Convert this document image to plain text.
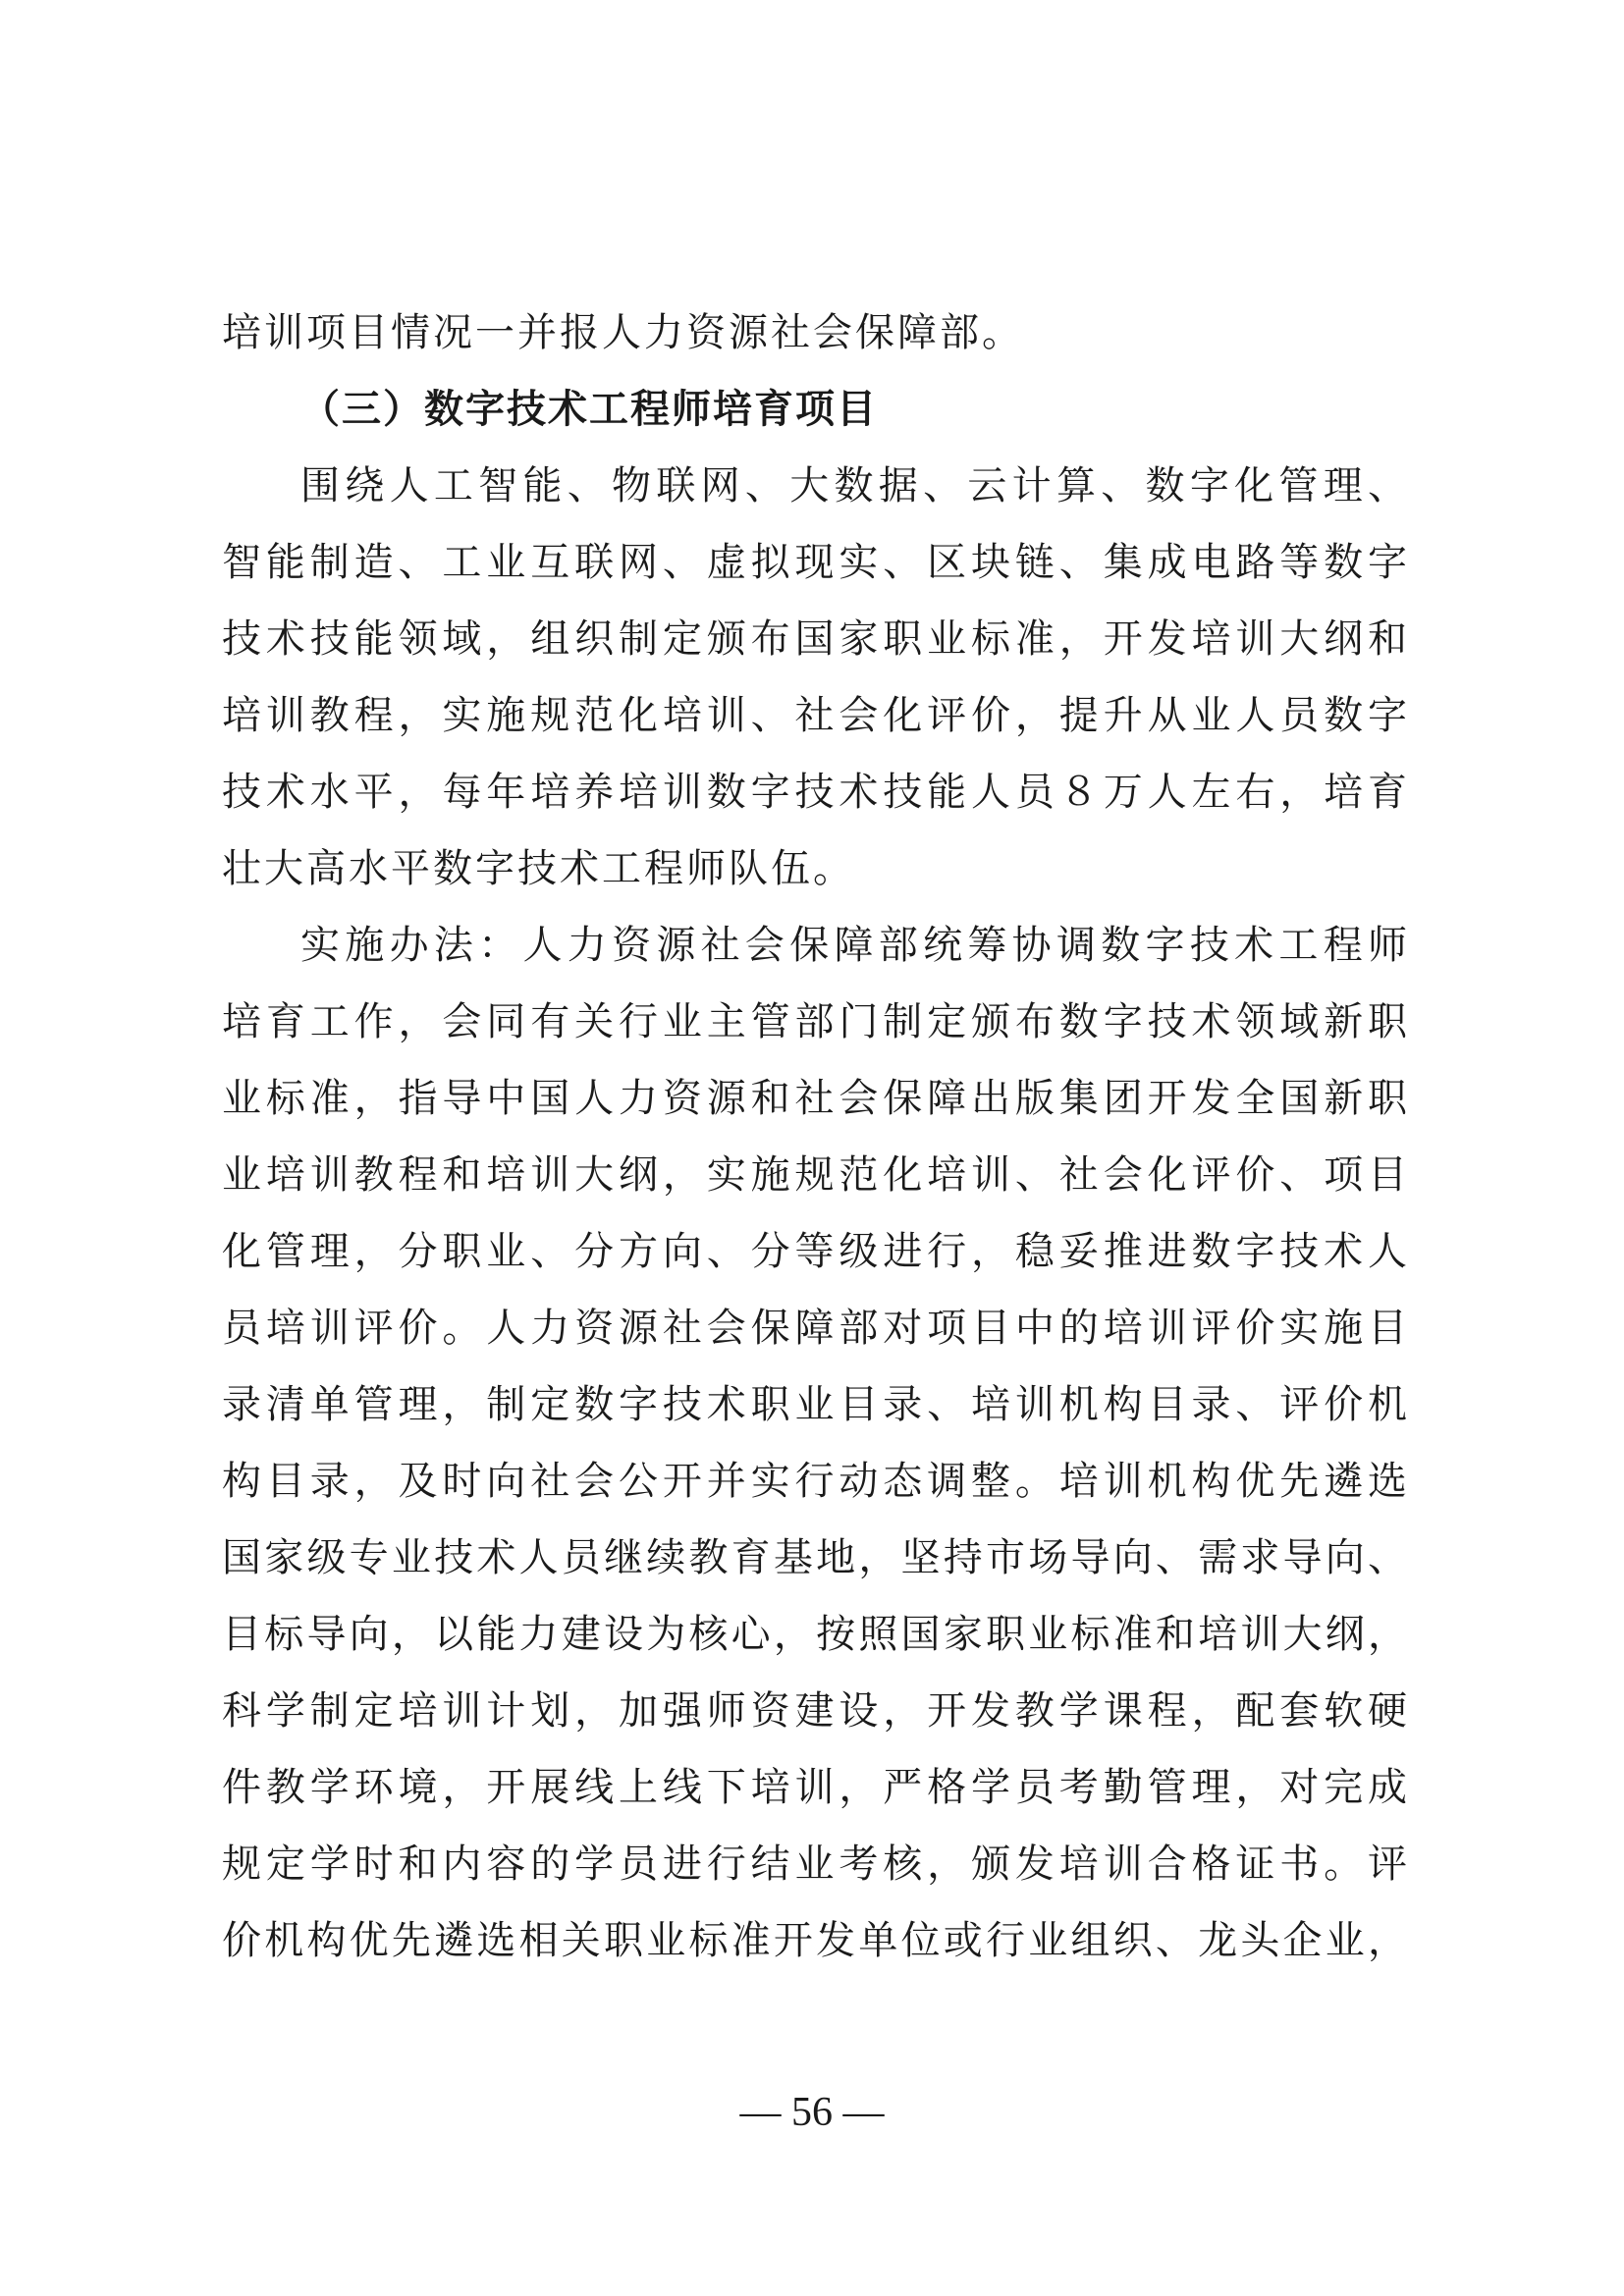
培训项目情况一并报人力资源社会保障部。
（三）数字技术工程师培育项目
围绕人工智能、物联网、大数据、云计算、数字化管理、
智能制造、工业互联网、虚拟现实、区块链、集成电路等数字
技术技能领域，组织制定颁布国家职业标准，开发培训大纲和
培训教程，实施规范化培训、社会化评价，提升从业人员数字
技术水平，每年培养培训数字技术技能人员８万人左右，培育
壮大高水平数字技术工程师队伍。
实施办法：人力资源社会保障部统筹协调数字技术工程师
培育工作，会同有关行业主管部门制定颁布数字技术领域新职
业标准，指导中国人力资源和社会保障出版集团开发全国新职
业培训教程和培训大纲，实施规范化培训、社会化评价、项目
化管理，分职业、分方向、分等级进行，稳妥推进数字技术人
员培训评价。人力资源社会保障部对项目中的培训评价实施目
录清单管理，制定数字技术职业目录、培训机构目录、评价机
构目录，及时向社会公开并实行动态调整。培训机构优先遴选
国家级专业技术人员继续教育基地，坚持市场导向、需求导向、
目标导向，以能力建设为核心，按照国家职业标准和培训大纲，
科学制定培训计划，加强师资建设，开发教学课程，配套软硬
件教学环境，开展线上线下培训，严格学员考勤管理，对完成
规定学时和内容的学员进行结业考核，颁发培训合格证书。评
价机构优先遴选相关职业标准开发单位或行业组织、龙头企业，
— 56 —
